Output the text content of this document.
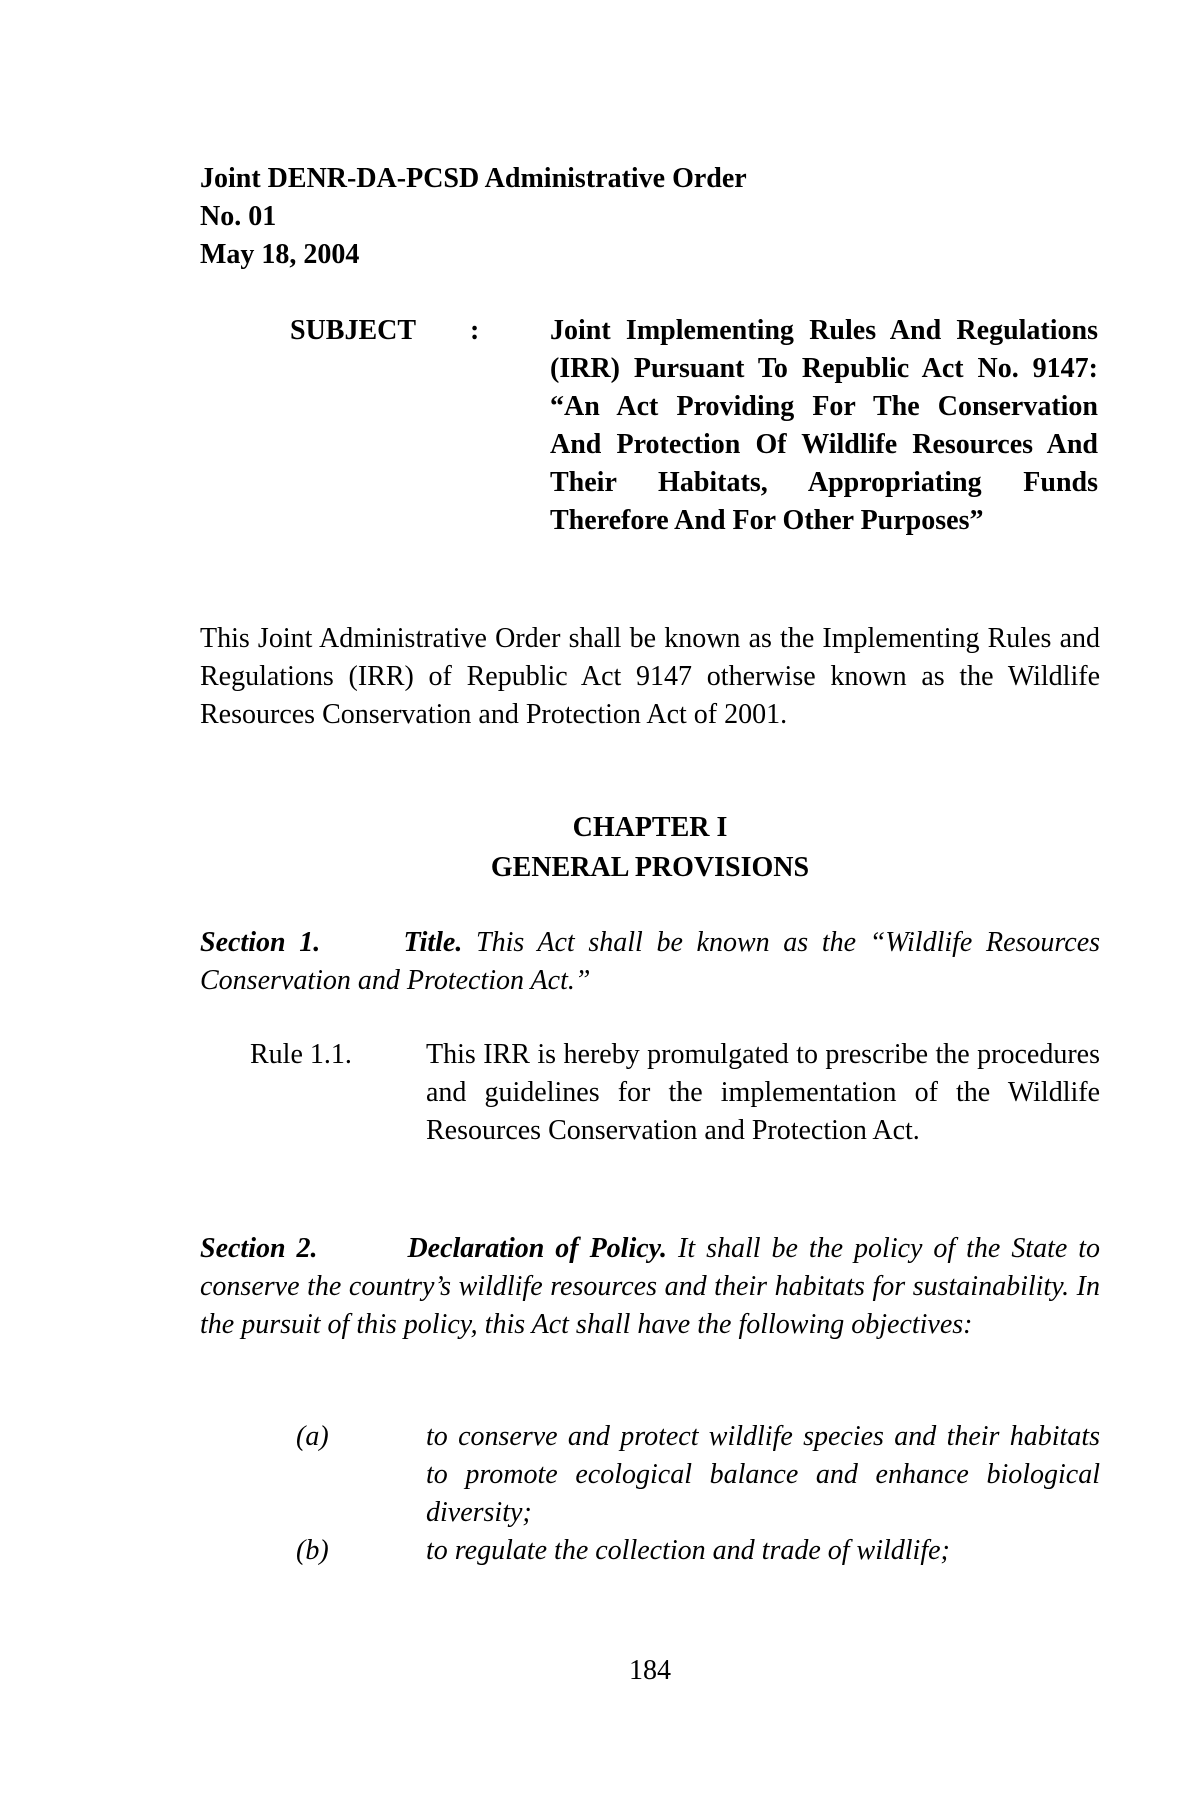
Joint DENR-DA-PCSD Administrative Order
No. 01
May 18, 2004
SUBJECT :	Joint Implementing Rules And Regulations (IRR) Pursuant To Republic Act No. 9147: “An Act Providing For The Conservation And Protection Of Wildlife Resources And Their Habitats, Appropriating Funds Therefore And For Other Purposes”
This Joint Administrative Order shall be known as the Implementing Rules and Regulations (IRR) of Republic Act 9147 otherwise known as the Wildlife Resources Conservation and Protection Act of 2001.
CHAPTER I
GENERAL PROVISIONS
Section 1.	Title. This Act shall be known as the “Wildlife Resources Conservation and Protection Act.”
Rule 1.1.	This IRR is hereby promulgated to prescribe the procedures and guidelines for the implementation of the Wildlife Resources Conservation and Protection Act.
Section 2.	Declaration of Policy. It shall be the policy of the State to conserve the country’s wildlife resources and their habitats for sustainability. In the pursuit of this policy, this Act shall have the following objectives:
(a)	to conserve and protect wildlife species and their habitats to promote ecological balance and enhance biological diversity;
(b)	to regulate the collection and trade of wildlife;
184
